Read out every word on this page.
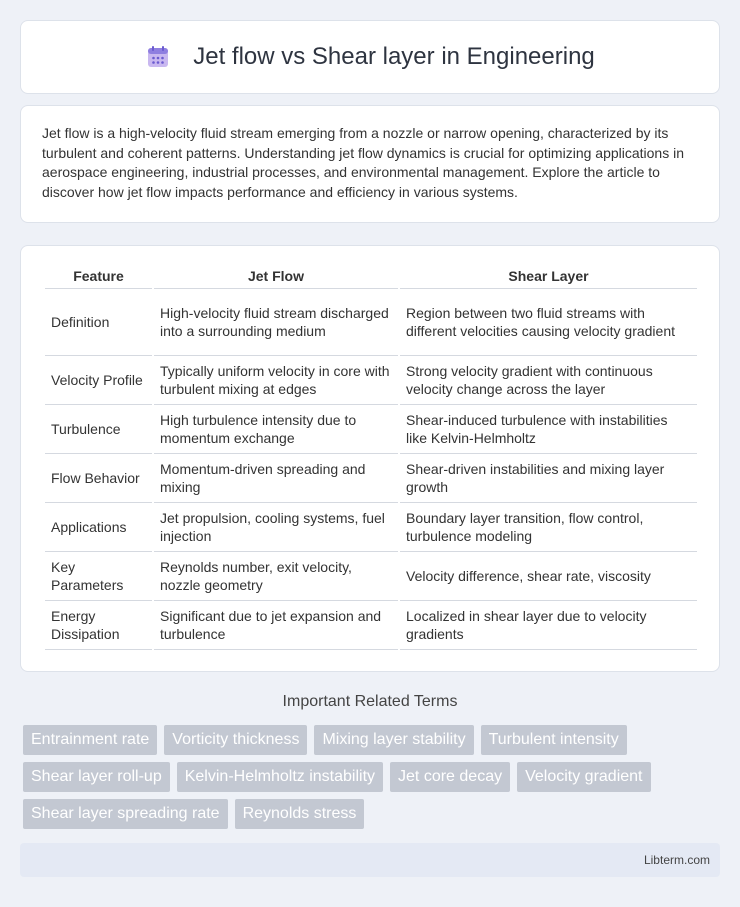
Jet flow vs Shear layer in Engineering

Jet flow is a high-velocity fluid stream emerging from a nozzle or narrow opening, characterized by its turbulent and coherent patterns. Understanding jet flow dynamics is crucial for optimizing applications in aerospace engineering, industrial processes, and environmental management. Explore the article to discover how jet flow impacts performance and efficiency in various systems.

Feature	Jet Flow	Shear Layer
Definition	High-velocity fluid stream discharged into a surrounding medium	Region between two fluid streams with different velocities causing velocity gradient
Velocity Profile	Typically uniform velocity in core with turbulent mixing at edges	Strong velocity gradient with continuous velocity change across the layer
Turbulence	High turbulence intensity due to momentum exchange	Shear-induced turbulence with instabilities like Kelvin-Helmholtz
Flow Behavior	Momentum-driven spreading and mixing	Shear-driven instabilities and mixing layer growth
Applications	Jet propulsion, cooling systems, fuel injection	Boundary layer transition, flow control, turbulence modeling
Key Parameters	Reynolds number, exit velocity, nozzle geometry	Velocity difference, shear rate, viscosity
Energy Dissipation	Significant due to jet expansion and turbulence	Localized in shear layer due to velocity gradients
Important Related Terms
Entrainment rate	Vorticity thickness	Mixing layer stability	Turbulent intensity
Shear layer roll-up	Kelvin-Helmholtz instability	Jet core decay	Velocity gradient
Shear layer spreading rate	Reynolds stress
Libterm.com
